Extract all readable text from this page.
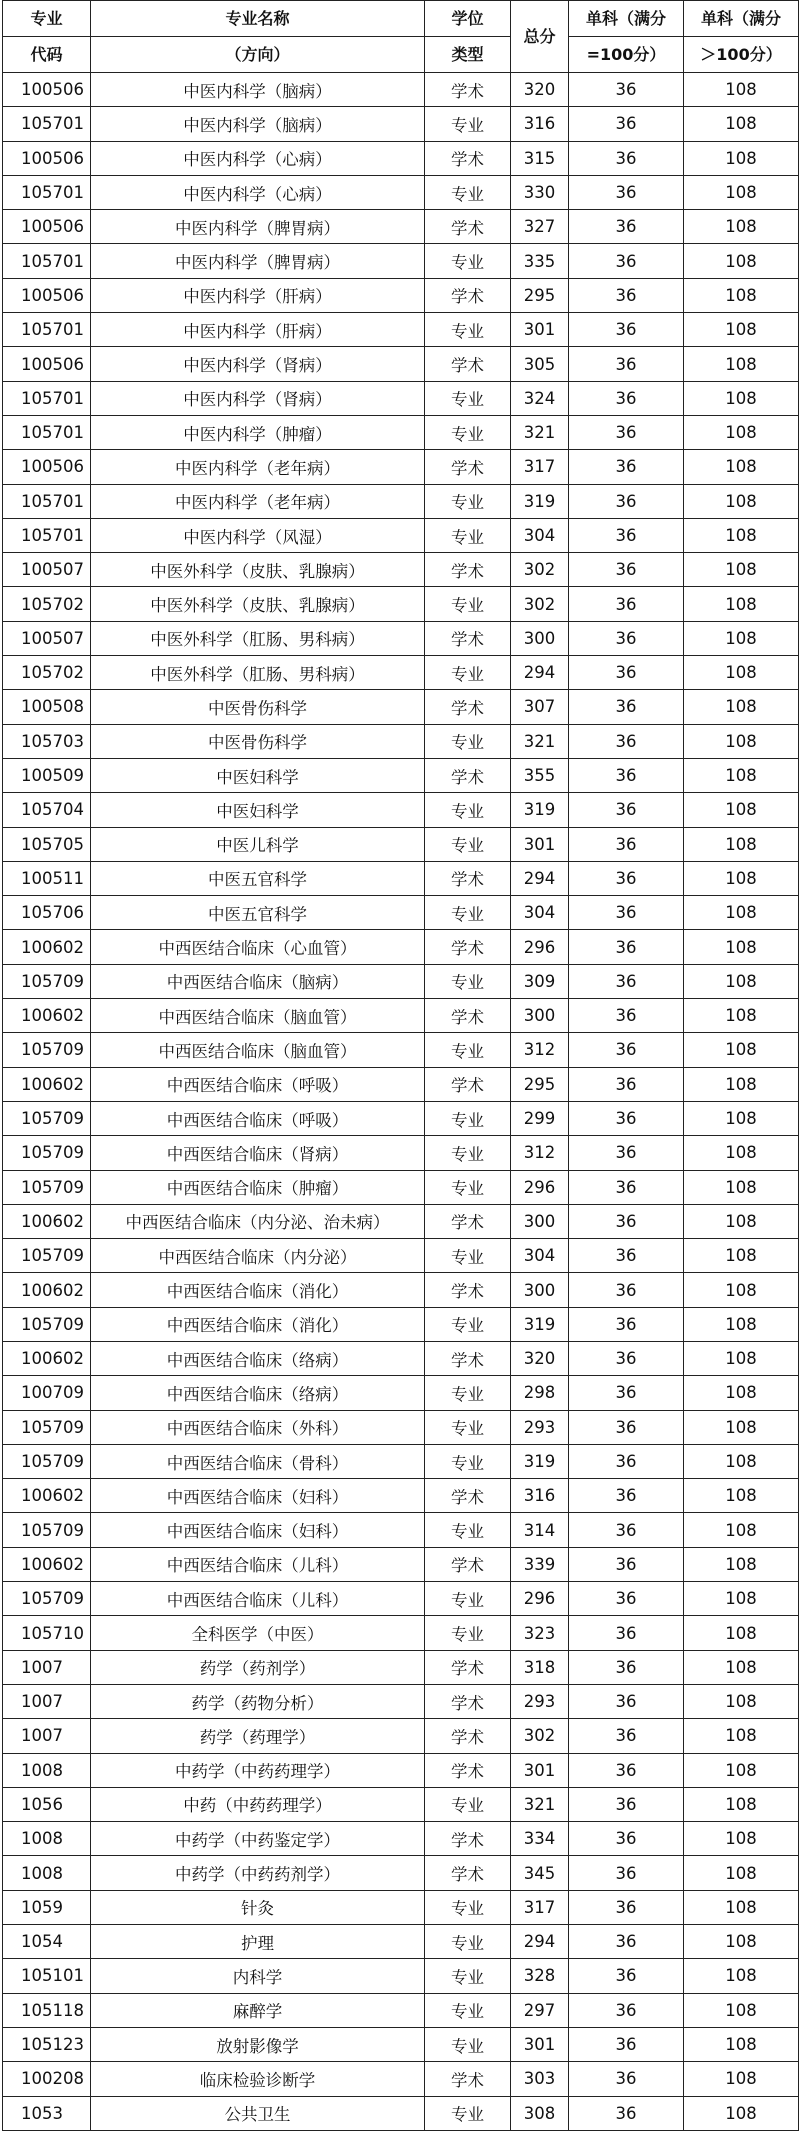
专业	专业名称	学位	总分	单科（满分	单科（满分
代码	（方向）	类型		=100分）	＞100分）
100506	中医内科学（脑病）	学术	320	36	108
105701	中医内科学（脑病）	专业	316	36	108
100506	中医内科学（心病）	学术	315	36	108
105701	中医内科学（心病）	专业	330	36	108
100506	中医内科学（脾胃病）	学术	327	36	108
105701	中医内科学（脾胃病）	专业	335	36	108
100506	中医内科学（肝病）	学术	295	36	108
105701	中医内科学（肝病）	专业	301	36	108
100506	中医内科学（肾病）	学术	305	36	108
105701	中医内科学（肾病）	专业	324	36	108
105701	中医内科学（肿瘤）	专业	321	36	108
100506	中医内科学（老年病）	学术	317	36	108
105701	中医内科学（老年病）	专业	319	36	108
105701	中医内科学（风湿）	专业	304	36	108
100507	中医外科学（皮肤、乳腺病）	学术	302	36	108
105702	中医外科学（皮肤、乳腺病）	专业	302	36	108
100507	中医外科学（肛肠、男科病）	学术	300	36	108
105702	中医外科学（肛肠、男科病）	专业	294	36	108
100508	中医骨伤科学	学术	307	36	108
105703	中医骨伤科学	专业	321	36	108
100509	中医妇科学	学术	355	36	108
105704	中医妇科学	专业	319	36	108
105705	中医儿科学	专业	301	36	108
100511	中医五官科学	学术	294	36	108
105706	中医五官科学	专业	304	36	108
100602	中西医结合临床（心血管）	学术	296	36	108
105709	中西医结合临床（脑病）	专业	309	36	108
100602	中西医结合临床（脑血管）	学术	300	36	108
105709	中西医结合临床（脑血管）	专业	312	36	108
100602	中西医结合临床（呼吸）	学术	295	36	108
105709	中西医结合临床（呼吸）	专业	299	36	108
105709	中西医结合临床（肾病）	专业	312	36	108
105709	中西医结合临床（肿瘤）	专业	296	36	108
100602	中西医结合临床（内分泌、治未病）	学术	300	36	108
105709	中西医结合临床（内分泌）	专业	304	36	108
100602	中西医结合临床（消化）	学术	300	36	108
105709	中西医结合临床（消化）	专业	319	36	108
100602	中西医结合临床（络病）	学术	320	36	108
100709	中西医结合临床（络病）	专业	298	36	108
105709	中西医结合临床（外科）	专业	293	36	108
105709	中西医结合临床（骨科）	专业	319	36	108
100602	中西医结合临床（妇科）	学术	316	36	108
105709	中西医结合临床（妇科）	专业	314	36	108
100602	中西医结合临床（儿科）	学术	339	36	108
105709	中西医结合临床（儿科）	专业	296	36	108
105710	全科医学（中医）	专业	323	36	108
1007	药学（药剂学）	学术	318	36	108
1007	药学（药物分析）	学术	293	36	108
1007	药学（药理学）	学术	302	36	108
1008	中药学（中药药理学）	学术	301	36	108
1056	中药（中药药理学）	专业	321	36	108
1008	中药学（中药鉴定学）	学术	334	36	108
1008	中药学（中药药剂学）	学术	345	36	108
1059	针灸	专业	317	36	108
1054	护理	专业	294	36	108
105101	内科学	专业	328	36	108
105118	麻醉学	专业	297	36	108
105123	放射影像学	专业	301	36	108
100208	临床检验诊断学	学术	303	36	108
1053	公共卫生	专业	308	36	108
